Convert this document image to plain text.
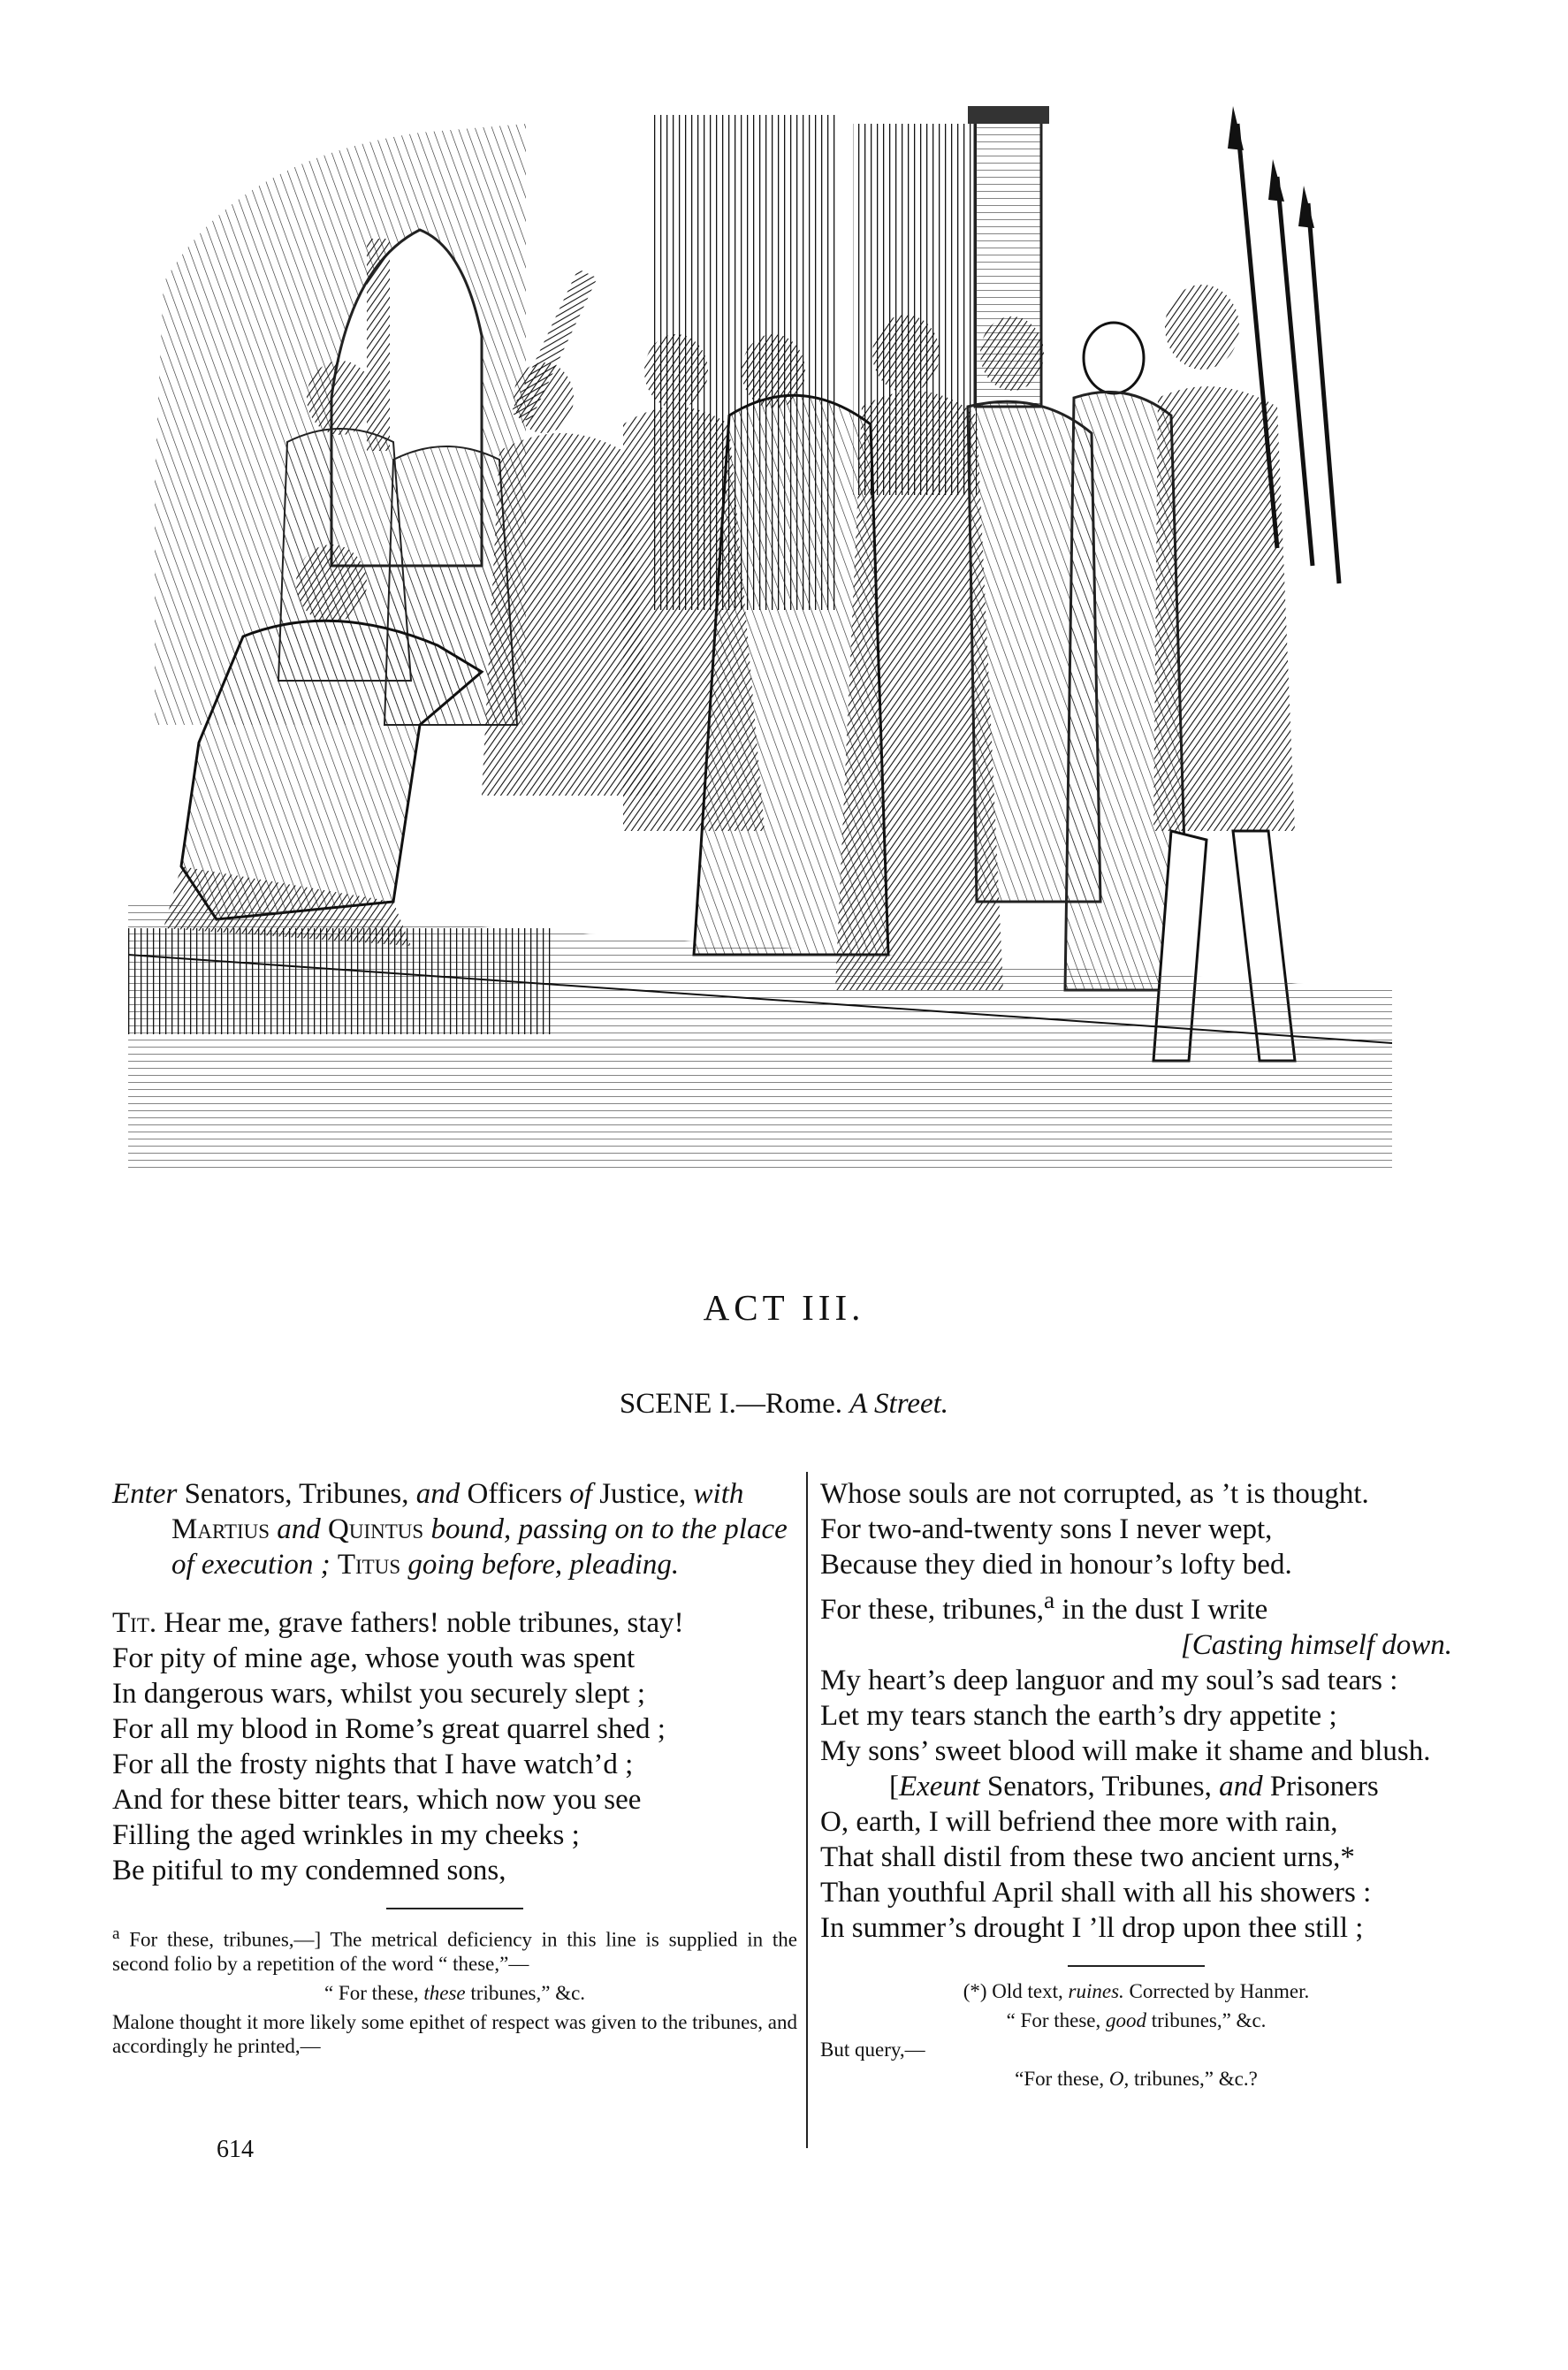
ACT III.
SCENE I.—Rome. A Street.
Enter Senators, Tribunes, and Officers of Justice, with Martius and Quintus bound, passing on to the place of execution ; Titus going before, pleading.
Tit. Hear me, grave fathers! noble tribunes, stay!
For pity of mine age, whose youth was spent
In dangerous wars, whilst you securely slept ;
For all my blood in Rome’s great quarrel shed ;
For all the frosty nights that I have watch’d ;
And for these bitter tears, which now you see
Filling the aged wrinkles in my cheeks ;
Be pitiful to my condemned sons,
$^a$ For these, tribunes,—] The metrical deficiency in this line is supplied in the second folio by a repetition of the word “ these,”—
“ For these, these tribunes,” &c.
Malone thought it more likely some epithet of respect was given to the tribunes, and accordingly he printed,—
Whose souls are not corrupted, as ’t is thought.
For two-and-twenty sons I never wept,
Because they died in honour’s lofty bed.
For these, tribunes,$^a$ in the dust I write
[Casting himself down.
My heart’s deep languor and my soul’s sad tears :
Let my tears stanch the earth’s dry appetite ;
My sons’ sweet blood will make it shame and blush.
[Exeunt Senators, Tribunes, and Prisoners
O, earth, I will befriend thee more with rain,
That shall distil from these two ancient urns,*
Than youthful April shall with all his showers :
In summer’s drought I ’ll drop upon thee still ;
(*) Old text, ruines. Corrected by Hanmer.
“ For these, good tribunes,” &c.
But query,—
“For these, O, tribunes,” &c.?
614
